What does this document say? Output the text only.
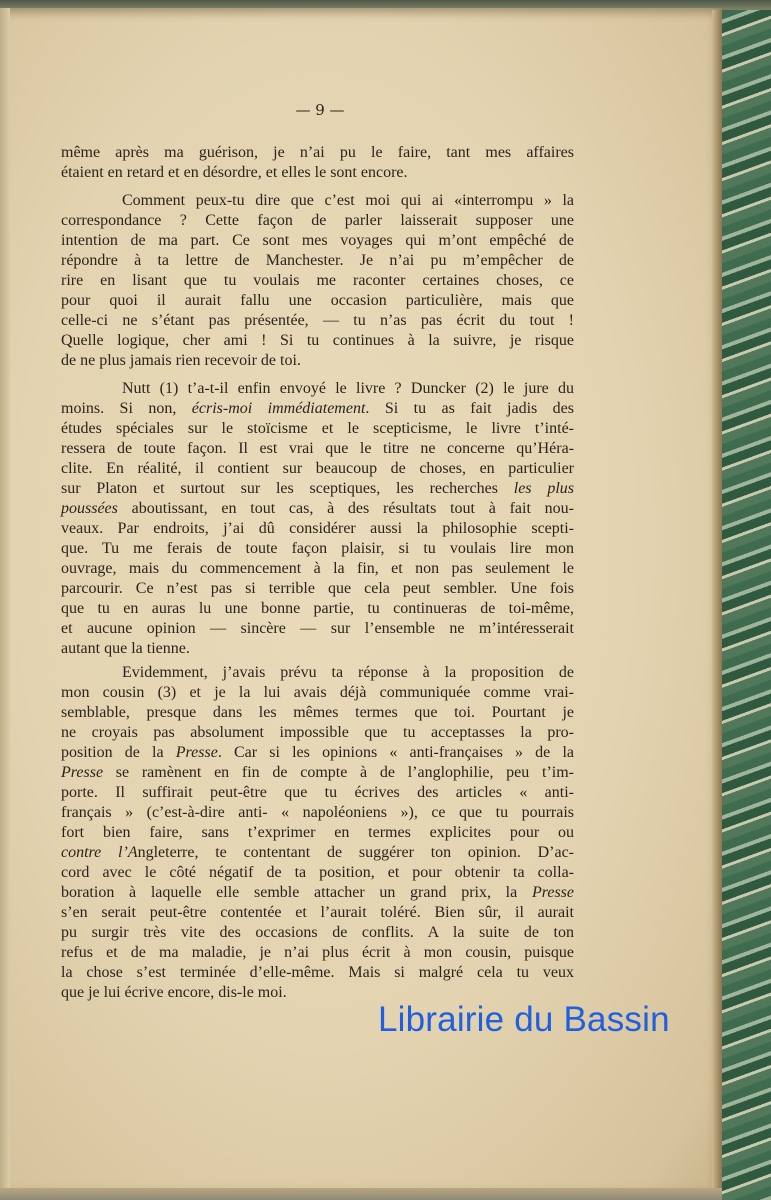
— 9 —
même après ma guérison, je n’ai pu le faire, tant mes affaires
étaient en retard et en désordre, et elles le sont encore.
Comment peux-tu dire que c’est moi qui ai «interrompu » la
correspondance ? Cette façon de parler laisserait supposer une
intention de ma part. Ce sont mes voyages qui m’ont empêché de
répondre à ta lettre de Manchester. Je n’ai pu m’empêcher de
rire en lisant que tu voulais me raconter certaines choses, ce
pour quoi il aurait fallu une occasion particulière, mais que
celle-ci ne s’étant pas présentée, — tu n’as pas écrit du tout !
Quelle logique, cher ami ! Si tu continues à la suivre, je risque
de ne plus jamais rien recevoir de toi.
Nutt (1) t’a-t-il enfin envoyé le livre ? Duncker (2) le jure du
moins. Si non, écris-moi immédiatement. Si tu as fait jadis des
études spéciales sur le stoïcisme et le scepticisme, le livre t’inté-
ressera de toute façon. Il est vrai que le titre ne concerne qu’Héra-
clite. En réalité, il contient sur beaucoup de choses, en particulier
sur Platon et surtout sur les sceptiques, les recherches les plus
poussées aboutissant, en tout cas, à des résultats tout à fait nou-
veaux. Par endroits, j’ai dû considérer aussi la philosophie scepti-
que. Tu me ferais de toute façon plaisir, si tu voulais lire mon
ouvrage, mais du commencement à la fin, et non pas seulement le
parcourir. Ce n’est pas si terrible que cela peut sembler. Une fois
que tu en auras lu une bonne partie, tu continueras de toi-même,
et aucune opinion — sincère — sur l’ensemble ne m’intéresserait
autant que la tienne.
Evidemment, j’avais prévu ta réponse à la proposition de
mon cousin (3) et je la lui avais déjà communiquée comme vrai-
semblable, presque dans les mêmes termes que toi. Pourtant je
ne croyais pas absolument impossible que tu acceptasses la pro-
position de la Presse. Car si les opinions « anti-françaises » de la
Presse se ramènent en fin de compte à de l’anglophilie, peu t’im-
porte. Il suffirait peut-être que tu écrives des articles « anti-
français » (c’est-à-dire anti- « napoléoniens »), ce que tu pourrais
fort bien faire, sans t’exprimer en termes explicites pour ou
contre l’Angleterre, te contentant de suggérer ton opinion. D’ac-
cord avec le côté négatif de ta position, et pour obtenir ta colla-
boration à laquelle elle semble attacher un grand prix, la Presse
s’en serait peut-être contentée et l’aurait toléré. Bien sûr, il aurait
pu surgir très vite des occasions de conflits. A la suite de ton
refus et de ma maladie, je n’ai plus écrit à mon cousin, puisque
la chose s’est terminée d’elle-même. Mais si malgré cela tu veux
que je lui écrive encore, dis-le moi.
Librairie du Bassin
